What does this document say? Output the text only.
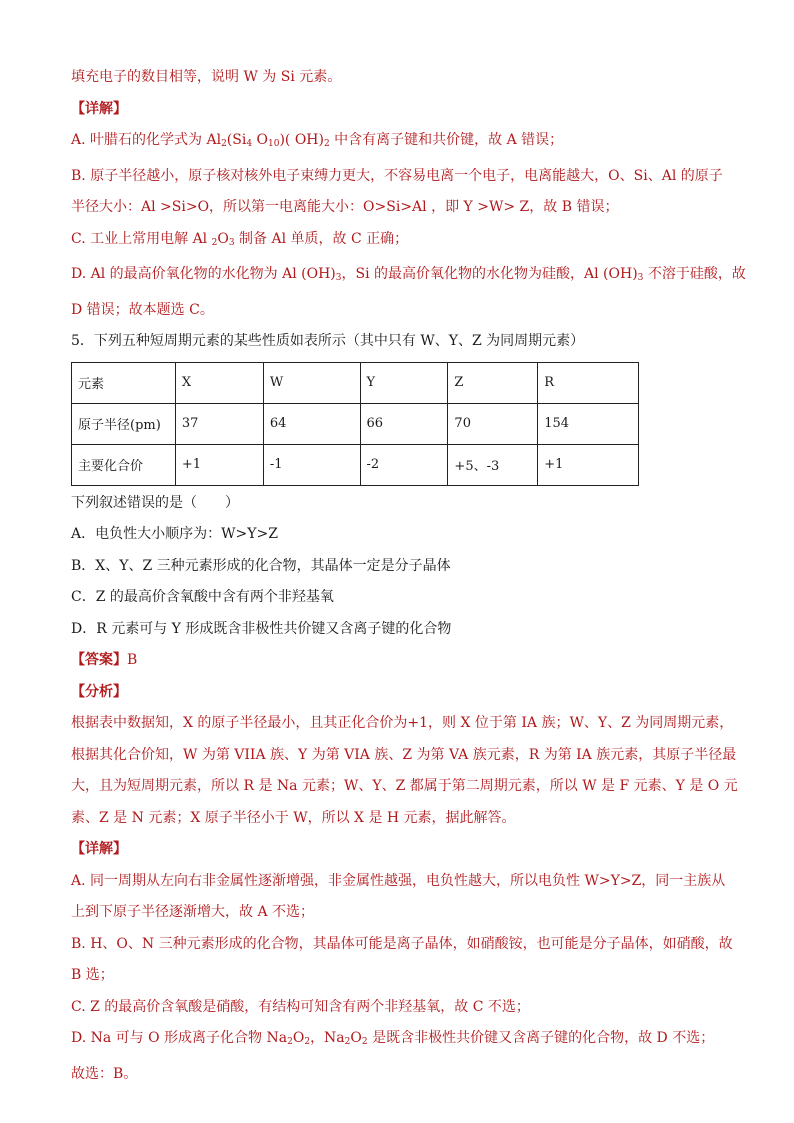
填充电子的数目相等，说明 W 为 Si 元素。
【详解】
A. 叶腊石的化学式为 $Al_2(Si_4$ $O_{10}$)( $OH)_2$ 中含有离子键和共价键，故 A 错误；
B. 原子半径越小，原子核对核外电子束缚力更大，不容易电离一个电子，电离能越大，O、Si、Al 的原子
半径大小：Al >Si>O，所以第一电离能大小：O>Si>Al ，即 Y >W> Z，故 B 错误；
C. 工业上常用电解 Al $_2O_3$ 制备 Al 单质，故 C 正确；
D. Al 的最高价氧化物的水化物为 Al $(OH)_3$，Si 的最高价氧化物的水化物为硅酸，Al $(OH)_3$ 不溶于硅酸，故
D 错误；故本题选 C。
5．下列五种短周期元素的某些性质如表所示（其中只有 W、Y、Z 为同周期元素）
元素	X	W	Y	Z	R
原子半径(pm)	37	64	66	70	154
主要化合价	+1	-1	-2	+5、-3	+1
下列叙述错误的是（　　）
A．电负性大小顺序为：W>Y>Z
B．X、Y、Z 三种元素形成的化合物，其晶体一定是分子晶体
C．Z 的最高价含氧酸中含有两个非羟基氧
D．R 元素可与 Y 形成既含非极性共价键又含离子键的化合物
【答案】B
【分析】
根据表中数据知，X 的原子半径最小，且其正化合价为+1，则 X 位于第 IA 族；W、Y、Z 为同周期元素，
根据其化合价知，W 为第 VIIA 族、Y 为第 VIA 族、Z 为第 VA 族元素，R 为第 IA 族元素，其原子半径最
大，且为短周期元素，所以 R 是 Na 元素；W、Y、Z 都属于第二周期元素，所以 W 是 F 元素、Y 是 O 元
素、Z 是 N 元素；X 原子半径小于 W，所以 X 是 H 元素，据此解答。
【详解】
A. 同一周期从左向右非金属性逐渐增强，非金属性越强，电负性越大，所以电负性 W>Y>Z，同一主族从
上到下原子半径逐渐增大，故 A 不选；
B. H、O、N 三种元素形成的化合物，其晶体可能是离子晶体，如硝酸铵，也可能是分子晶体，如硝酸，故
B 选；
C. Z 的最高价含氧酸是硝酸，有结构可知含有两个非羟基氧，故 C 不选；
D. Na 可与 O 形成离子化合物 $Na_2O_2$，$Na_2O_2$ 是既含非极性共价键又含离子键的化合物，故 D 不选；
故选：B。
